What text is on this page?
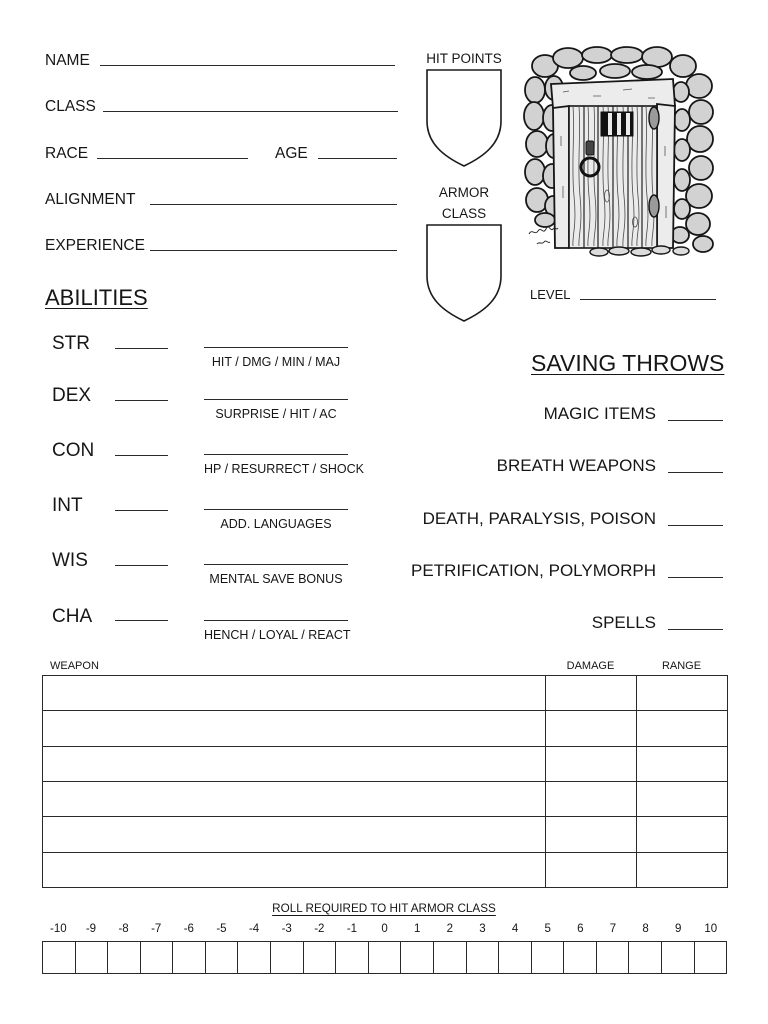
NAME
CLASS
RACE	AGE
ALIGNMENT
EXPERIENCE
HIT POINTS
ARMOR
CLASS
LEVEL
ABILITIES
STR
HIT / DMG / MIN / MAJ
DEX
SURPRISE / HIT / AC
CON
HP / RESURRECT / SHOCK
INT
ADD. LANGUAGES
WIS
MENTAL SAVE BONUS
CHA
HENCH / LOYAL / REACT
SAVING THROWS
MAGIC ITEMS
BREATH WEAPONS
DEATH, PARALYSIS, POISON
PETRIFICATION, POLYMORPH
SPELLS
WEAPON	DAMAGE	RANGE

ROLL REQUIRED TO HIT ARMOR CLASS
-10	-9	-8	-7	-6	-5	-4	-3	-2	-1	0	1	2	3	4	5	6	7	8	9	10
